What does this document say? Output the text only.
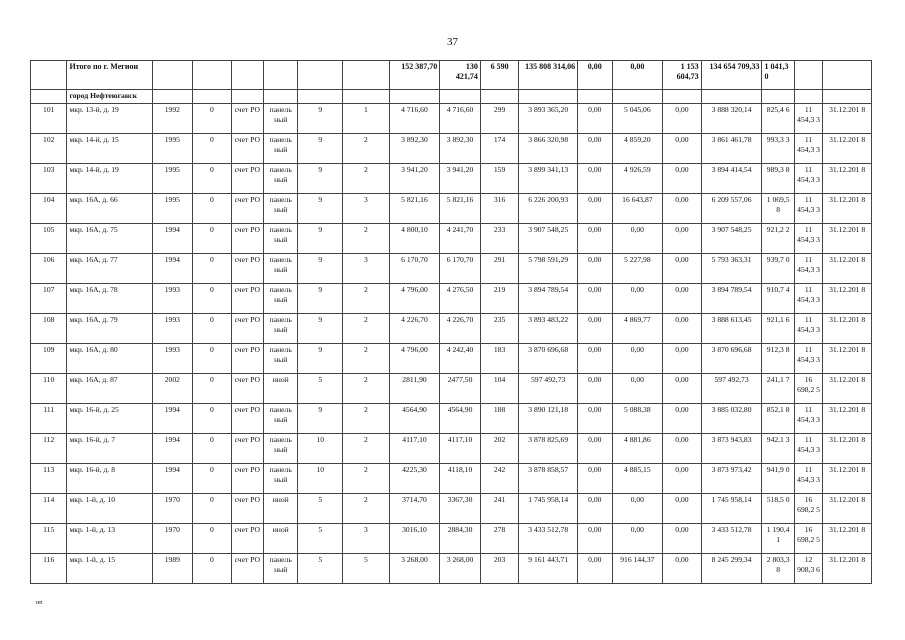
37
	Итого по г. Мегион							152 387,70	130 421,74	6 590	135 808 314,06	0,00	0,00	1 153 604,73	134 654 709,33	1 041,3 0		
	город Нефтеюганск																	
101	мкр. 13-й, д. 19	1992	0	счет РО	панель ный	9	1	4 716,60	4 716,60	299	3 893 365,20	0,00	5 045,06	0,00	3 888 320,14	825,4 6	11 454,3 3	31.12.201 8
102	мкр. 14-й, д. 15	1995	0	счет РО	панель ный	9	2	3 892,30	3 892,30	174	3 866 320,98	0,00	4 859,20	0,00	3 861 461,78	993,3 3	11 454,3 3	31.12.201 8
103	мкр. 14-й, д. 19	1995	0	счет РО	панель ный	9	2	3 941,20	3 941,20	159	3 899 341,13	0,00	4 926,59	0,00	3 894 414,54	989,3 8	11 454,3 3	31.12.201 8
104	мкр. 16А, д. 66	1995	0	счет РО	панель ный	9	3	5 821,16	5 821,16	316	6 226 200,93	0,00	16 643,87	0,00	6 209 557,06	1 069,5 8	11 454,3 3	31.12.201 8
105	мкр. 16А, д. 75	1994	0	счет РО	панель ный	9	2	4 800,10	4 241,70	233	3 907 548,25	0,00	0,00	0,00	3 907 548,25	921,2 2	11 454,3 3	31.12.201 8
106	мкр. 16А, д. 77	1994	0	счет РО	панель ный	9	3	6 170,70	6 170,70	291	5 798 591,29	0,00	5 227,98	0,00	5 793 363,31	939,7 0	11 454,3 3	31.12.201 8
107	мкр. 16А, д. 78	1993	0	счет РО	панель ный	9	2	4 796,00	4 276,50	219	3 894 789,54	0,00	0,00	0,00	3 894 789,54	910,7 4	11 454,3 3	31.12.201 8
108	мкр. 16А, д. 79	1993	0	счет РО	панель ный	9	2	4 226,70	4 226,70	235	3 893 483,22	0,00	4 869,77	0,00	3 888 613,45	921,1 6	11 454,3 3	31.12.201 8
109	мкр. 16А, д. 80	1993	0	счет РО	панель ный	9	2	4 796,00	4 242,40	183	3 870 696,68	0,00	0,00	0,00	3 870 696,68	912,3 8	11 454,3 3	31.12.201 8
110	мкр. 16А, д. 87	2002	0	счет РО	иной	5	2	2811,90	2477,50	104	597 492,73	0,00	0,00	0,00	597 492,73	241,1 7	16 698,2 5	31.12.201 8
111	мкр. 16-й, д. 25	1994	0	счет РО	панель ный	9	2	4564,90	4564,90	188	3 890 121,18	0,00	5 088,38	0,00	3 885 032,80	852,1 8	11 454,3 3	31.12.201 8
112	мкр. 16-й, д. 7	1994	0	счет РО	панель ный	10	2	4117,10	4117,10	202	3 878 825,69	0,00	4 881,86	0,00	3 873 943,83	942,1 3	11 454,3 3	31.12.201 8
113	мкр. 16-й, д. 8	1994	0	счет РО	панель ный	10	2	4225,30	4118,10	242	3 878 858,57	0,00	4 885,15	0,00	3 873 973,42	941,9 0	11 454,3 3	31.12.201 8
114	мкр. 1-й, д. 10	1970	0	счет РО	иной	5	2	3714,70	3367,30	241	1 745 958,14	0,00	0,00	0,00	1 745 958,14	518,5 0	16 698,2 5	31.12.201 8
115	мкр. 1-й, д. 13	1970	0	счет РО	иной	5	3	3016,10	2884,30	278	3 433 512,78	0,00	0,00	0,00	3 433 512,78	1 190,4 1	16 698,2 5	31.12.201 8
116	мкр. 1-й, д. 15	1989	0	счет РО	панель ный	5	5	3 268,00	3 268,00	203	9 161 443,71	0,00	916 144,37	0,00	8 245 299,34	2 803,3 8	12 908,3 6	31.12.201 8
нп
